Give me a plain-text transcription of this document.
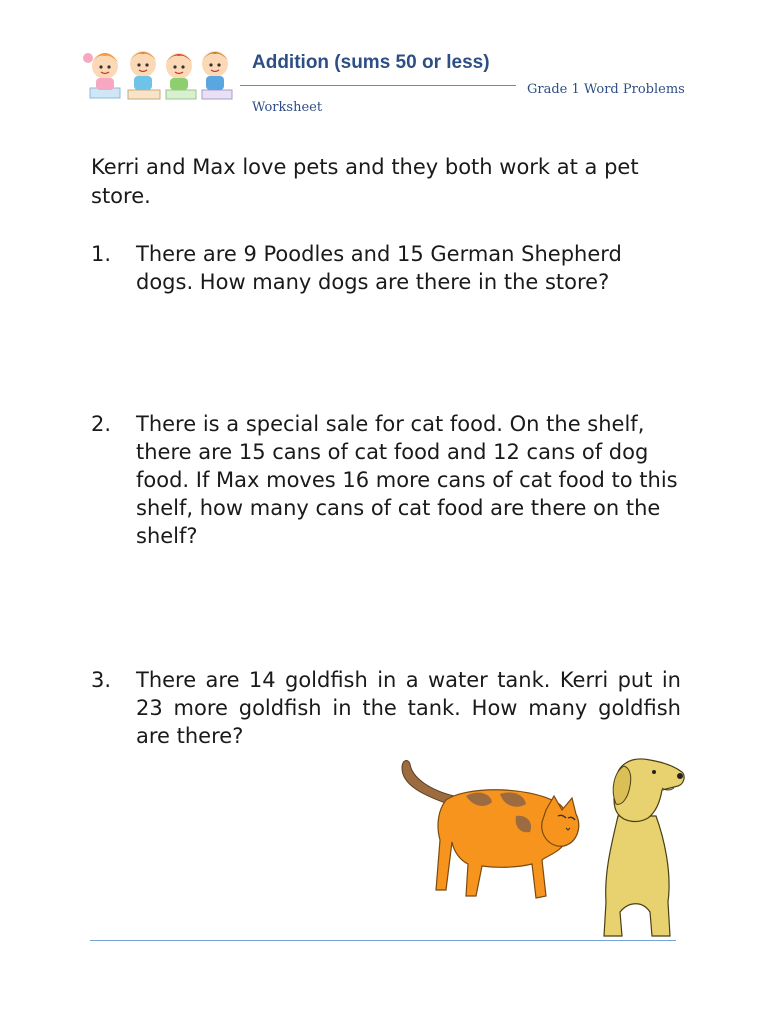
Addition (sums 50 or less)
Grade 1 Word Problems
Worksheet
Kerri and Max love pets and they both work at a pet store.
1.	There are 9 Poodles and 15 German Shepherd dogs. How many dogs are there in the store?
2.	There is a special sale for cat food. On the shelf, there are 15 cans of cat food and 12 cans of dog food. If Max moves 16 more cans of cat food to this shelf, how many cans of cat food are there on the shelf?
3.	There are 14 goldfish in a water tank. Kerri put in 23 more goldfish in the tank. How many goldfish are there?
